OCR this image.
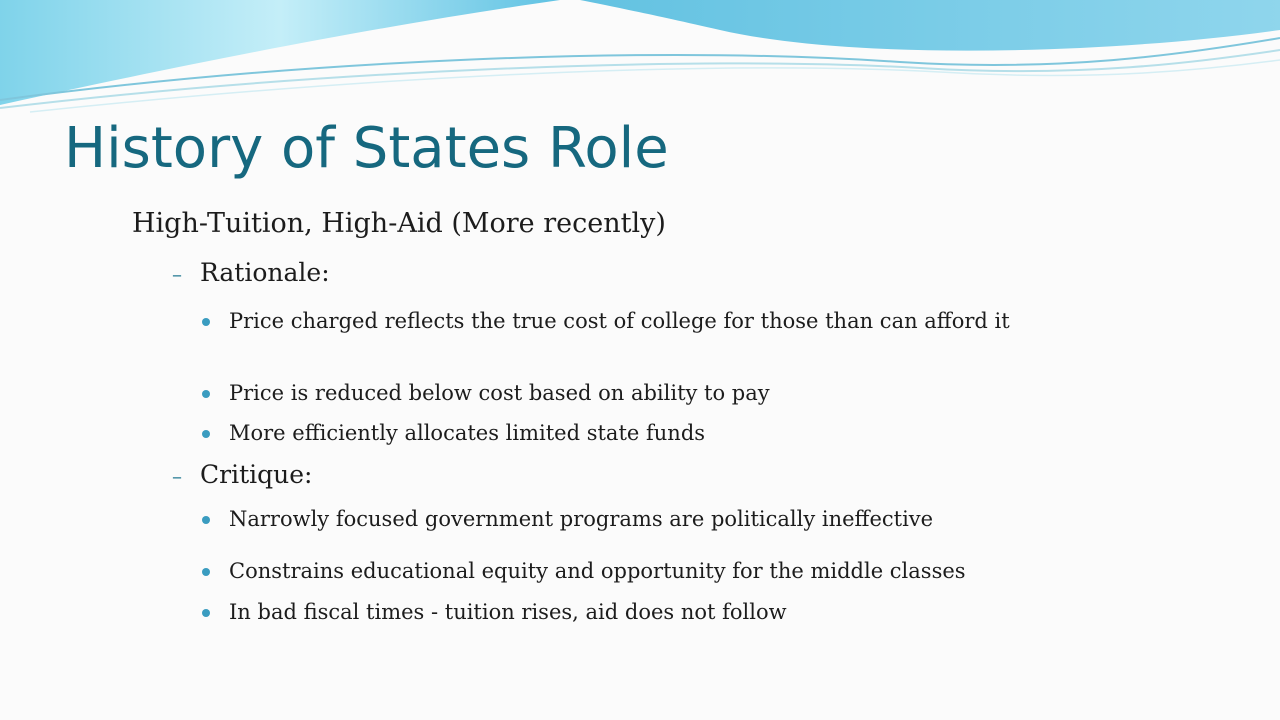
History of States Role
High-Tuition, High-Aid (More recently)
– Rationale:
Price charged reflects the true cost of college for those than can afford it
Price is reduced below cost based on ability to pay
More efficiently allocates limited state funds
– Critique:
Narrowly focused government programs are politically ineffective
Constrains educational equity and opportunity for the middle classes
In bad fiscal times - tuition rises, aid does not follow
